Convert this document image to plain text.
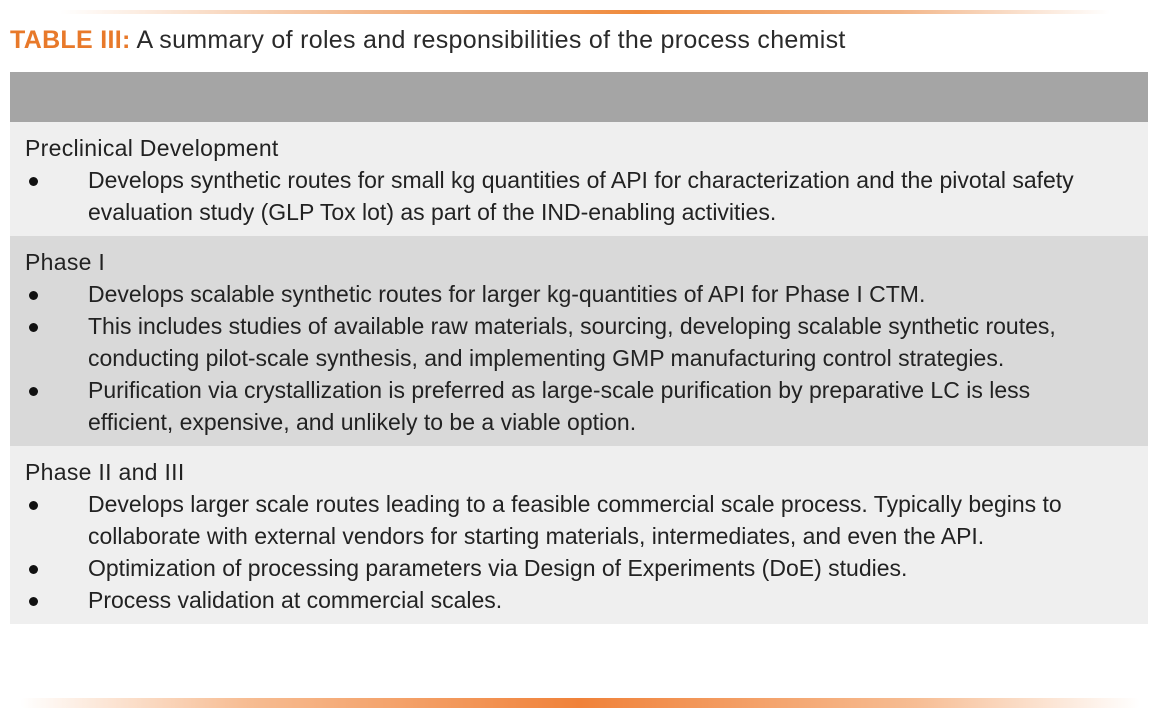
TABLE III: A summary of roles and responsibilities of the process chemist
Preclinical Development
Develops synthetic routes for small kg quantities of API for characterization and the pivotal safety evaluation study (GLP Tox lot) as part of the IND-enabling activities.
Phase I
Develops scalable synthetic routes for larger kg-quantities of API for Phase I CTM.
This includes studies of available raw materials, sourcing, developing scalable synthetic routes, conducting pilot-scale synthesis, and implementing GMP manufacturing control strategies.
Purification via crystallization is preferred as large-scale purification by preparative LC is less efficient, expensive, and unlikely to be a viable option.
Phase II and III
Develops larger scale routes leading to a feasible commercial scale process. Typically begins to collaborate with external vendors for starting materials, intermediates, and even the API.
Optimization of processing parameters via Design of Experiments (DoE) studies.
Process validation at commercial scales.
